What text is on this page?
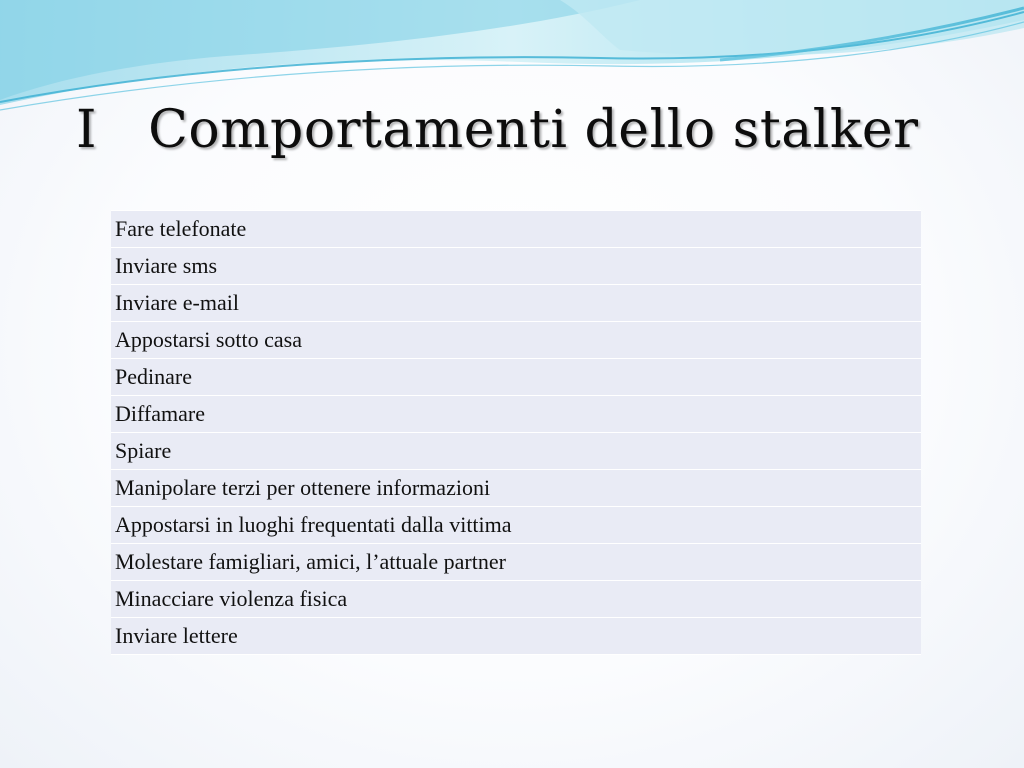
I   Comportamenti dello stalker
Fare telefonate
Inviare sms
Inviare e-mail
Appostarsi sotto casa
Pedinare
Diffamare
Spiare
Manipolare terzi per ottenere informazioni
Appostarsi in luoghi frequentati dalla vittima
Molestare famigliari, amici, l’attuale partner
Minacciare violenza fisica
Inviare lettere
